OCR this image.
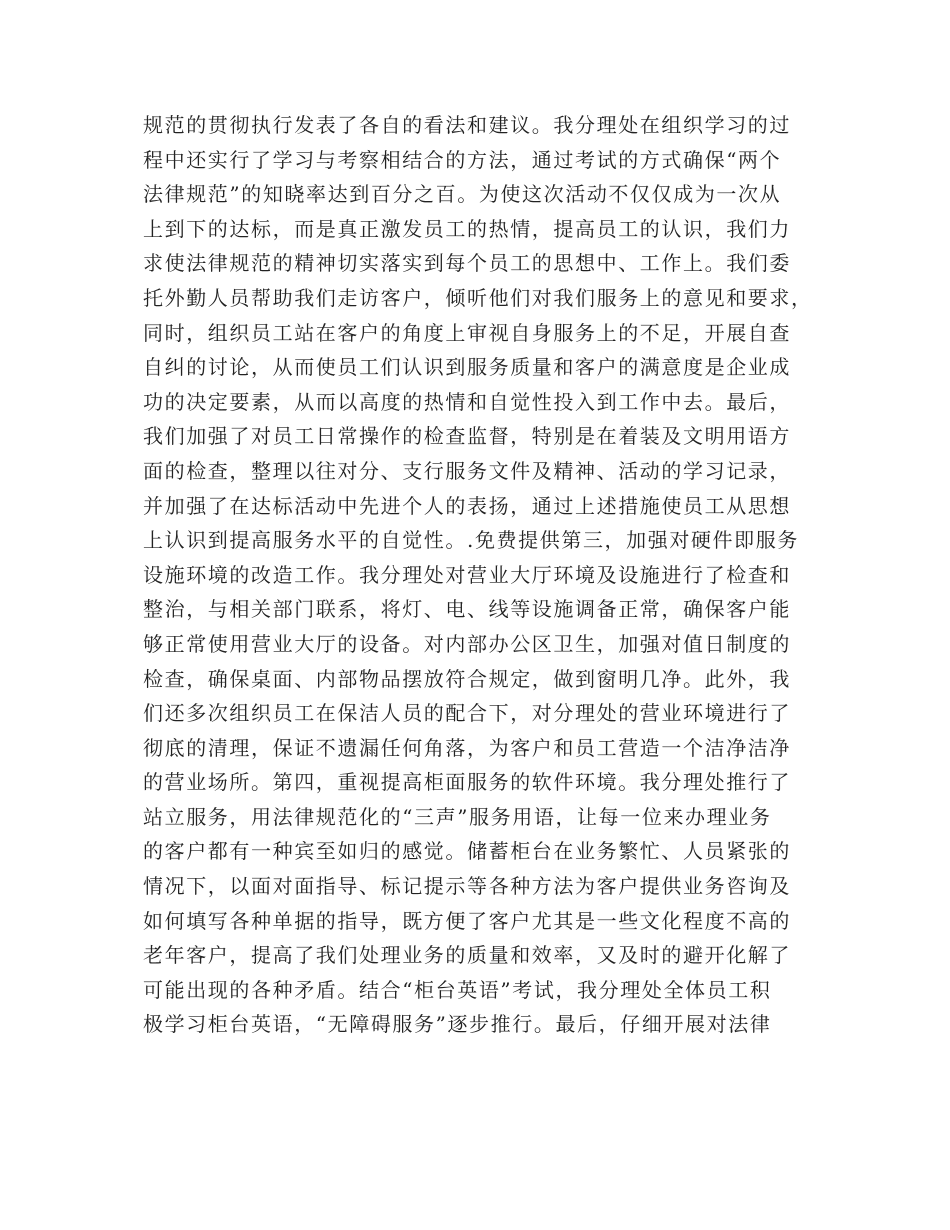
规范的贯彻执行发表了各自的看法和建议。我分理处在组织学习的过
程中还实行了学习与考察相结合的方法，通过考试的方式确保“两个
法律规范”的知晓率达到百分之百。为使这次活动不仅仅成为一次从
上到下的达标，而是真正激发员工的热情，提高员工的认识，我们力
求使法律规范的精神切实落实到每个员工的思想中、工作上。我们委
托外勤人员帮助我们走访客户，倾听他们对我们服务上的意见和要求，
同时，组织员工站在客户的角度上审视自身服务上的不足，开展自查
自纠的讨论，从而使员工们认识到服务质量和客户的满意度是企业成
功的决定要素，从而以高度的热情和自觉性投入到工作中去。最后，
我们加强了对员工日常操作的检查监督，特别是在着装及文明用语方
面的检查，整理以往对分、支行服务文件及精神、活动的学习记录，
并加强了在达标活动中先进个人的表扬，通过上述措施使员工从思想
上认识到提高服务水平的自觉性。.免费提供第三，加强对硬件即服务
设施环境的改造工作。我分理处对营业大厅环境及设施进行了检查和
整治，与相关部门联系，将灯、电、线等设施调备正常，确保客户能
够正常使用营业大厅的设备。对内部办公区卫生，加强对值日制度的
检查，确保桌面、内部物品摆放符合规定，做到窗明几净。此外，我
们还多次组织员工在保洁人员的配合下，对分理处的营业环境进行了
彻底的清理，保证不遗漏任何角落，为客户和员工营造一个洁净洁净
的营业场所。第四，重视提高柜面服务的软件环境。我分理处推行了
站立服务，用法律规范化的“三声”服务用语，让每一位来办理业务
的客户都有一种宾至如归的感觉。储蓄柜台在业务繁忙、人员紧张的
情况下，以面对面指导、标记提示等各种方法为客户提供业务咨询及
如何填写各种单据的指导，既方便了客户尤其是一些文化程度不高的
老年客户，提高了我们处理业务的质量和效率，又及时的避开化解了
可能出现的各种矛盾。结合“柜台英语”考试，我分理处全体员工积
极学习柜台英语，“无障碍服务”逐步推行。最后，仔细开展对法律
